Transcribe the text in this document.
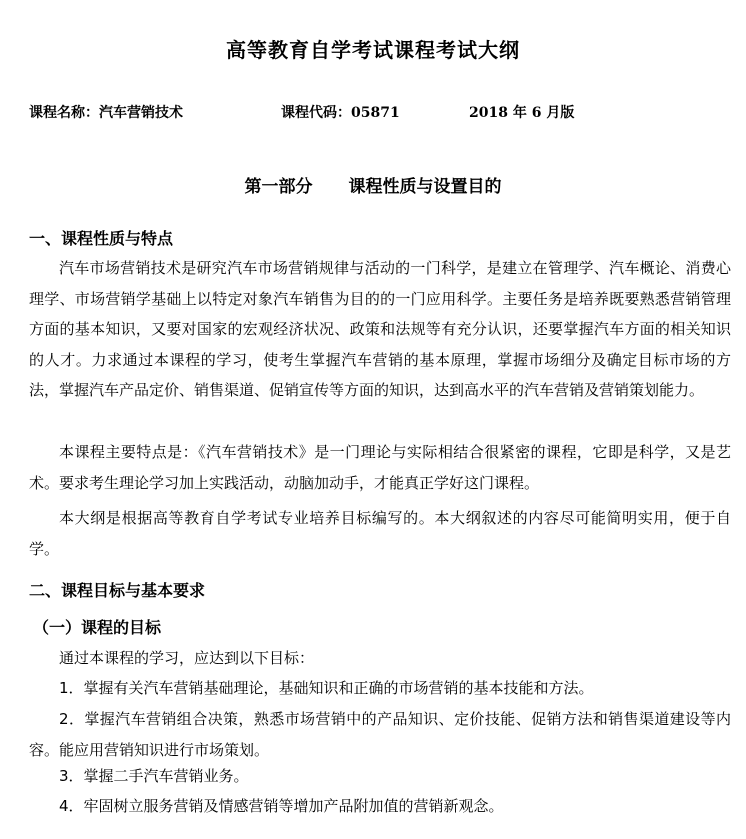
高等教育自学考试课程考试大纲
课程名称：汽车营销技术	课程代码：05871	2018 年 6 月版
第一部分 课程性质与设置目的
一、课程性质与特点

汽车市场营销技术是研究汽车市场营销规律与活动的一门科学，是建立在管理学、汽车概论、消费心理学、市场营销学基础上以特定对象汽车销售为目的的一门应用科学。主要任务是培养既要熟悉营销管理方面的基本知识，又要对国家的宏观经济状况、政策和法规等有充分认识，还要掌握汽车方面的相关知识的人才。力求通过本课程的学习，使考生掌握汽车营销的基本原理，掌握市场细分及确定目标市场的方法，掌握汽车产品定价、销售渠道、促销宣传等方面的知识，达到高水平的汽车营销及营销策划能力。

本课程主要特点是：《汽车营销技术》是一门理论与实际相结合很紧密的课程，它即是科学，又是艺术。要求考生理论学习加上实践活动，动脑加动手，才能真正学好这门课程。

本大纲是根据高等教育自学考试专业培养目标编写的。本大纲叙述的内容尽可能简明实用，便于自学。

二、课程目标与基本要求
（一）课程的目标
通过本课程的学习，应达到以下目标：
1．掌握有关汽车营销基础理论，基础知识和正确的市场营销的基本技能和方法。
2．掌握汽车营销组合决策，熟悉市场营销中的产品知识、定价技能、促销方法和销售渠道建设等内容。能应用营销知识进行市场策划。
3．掌握二手汽车营销业务。
4．牢固树立服务营销及情感营销等增加产品附加值的营销新观念。
